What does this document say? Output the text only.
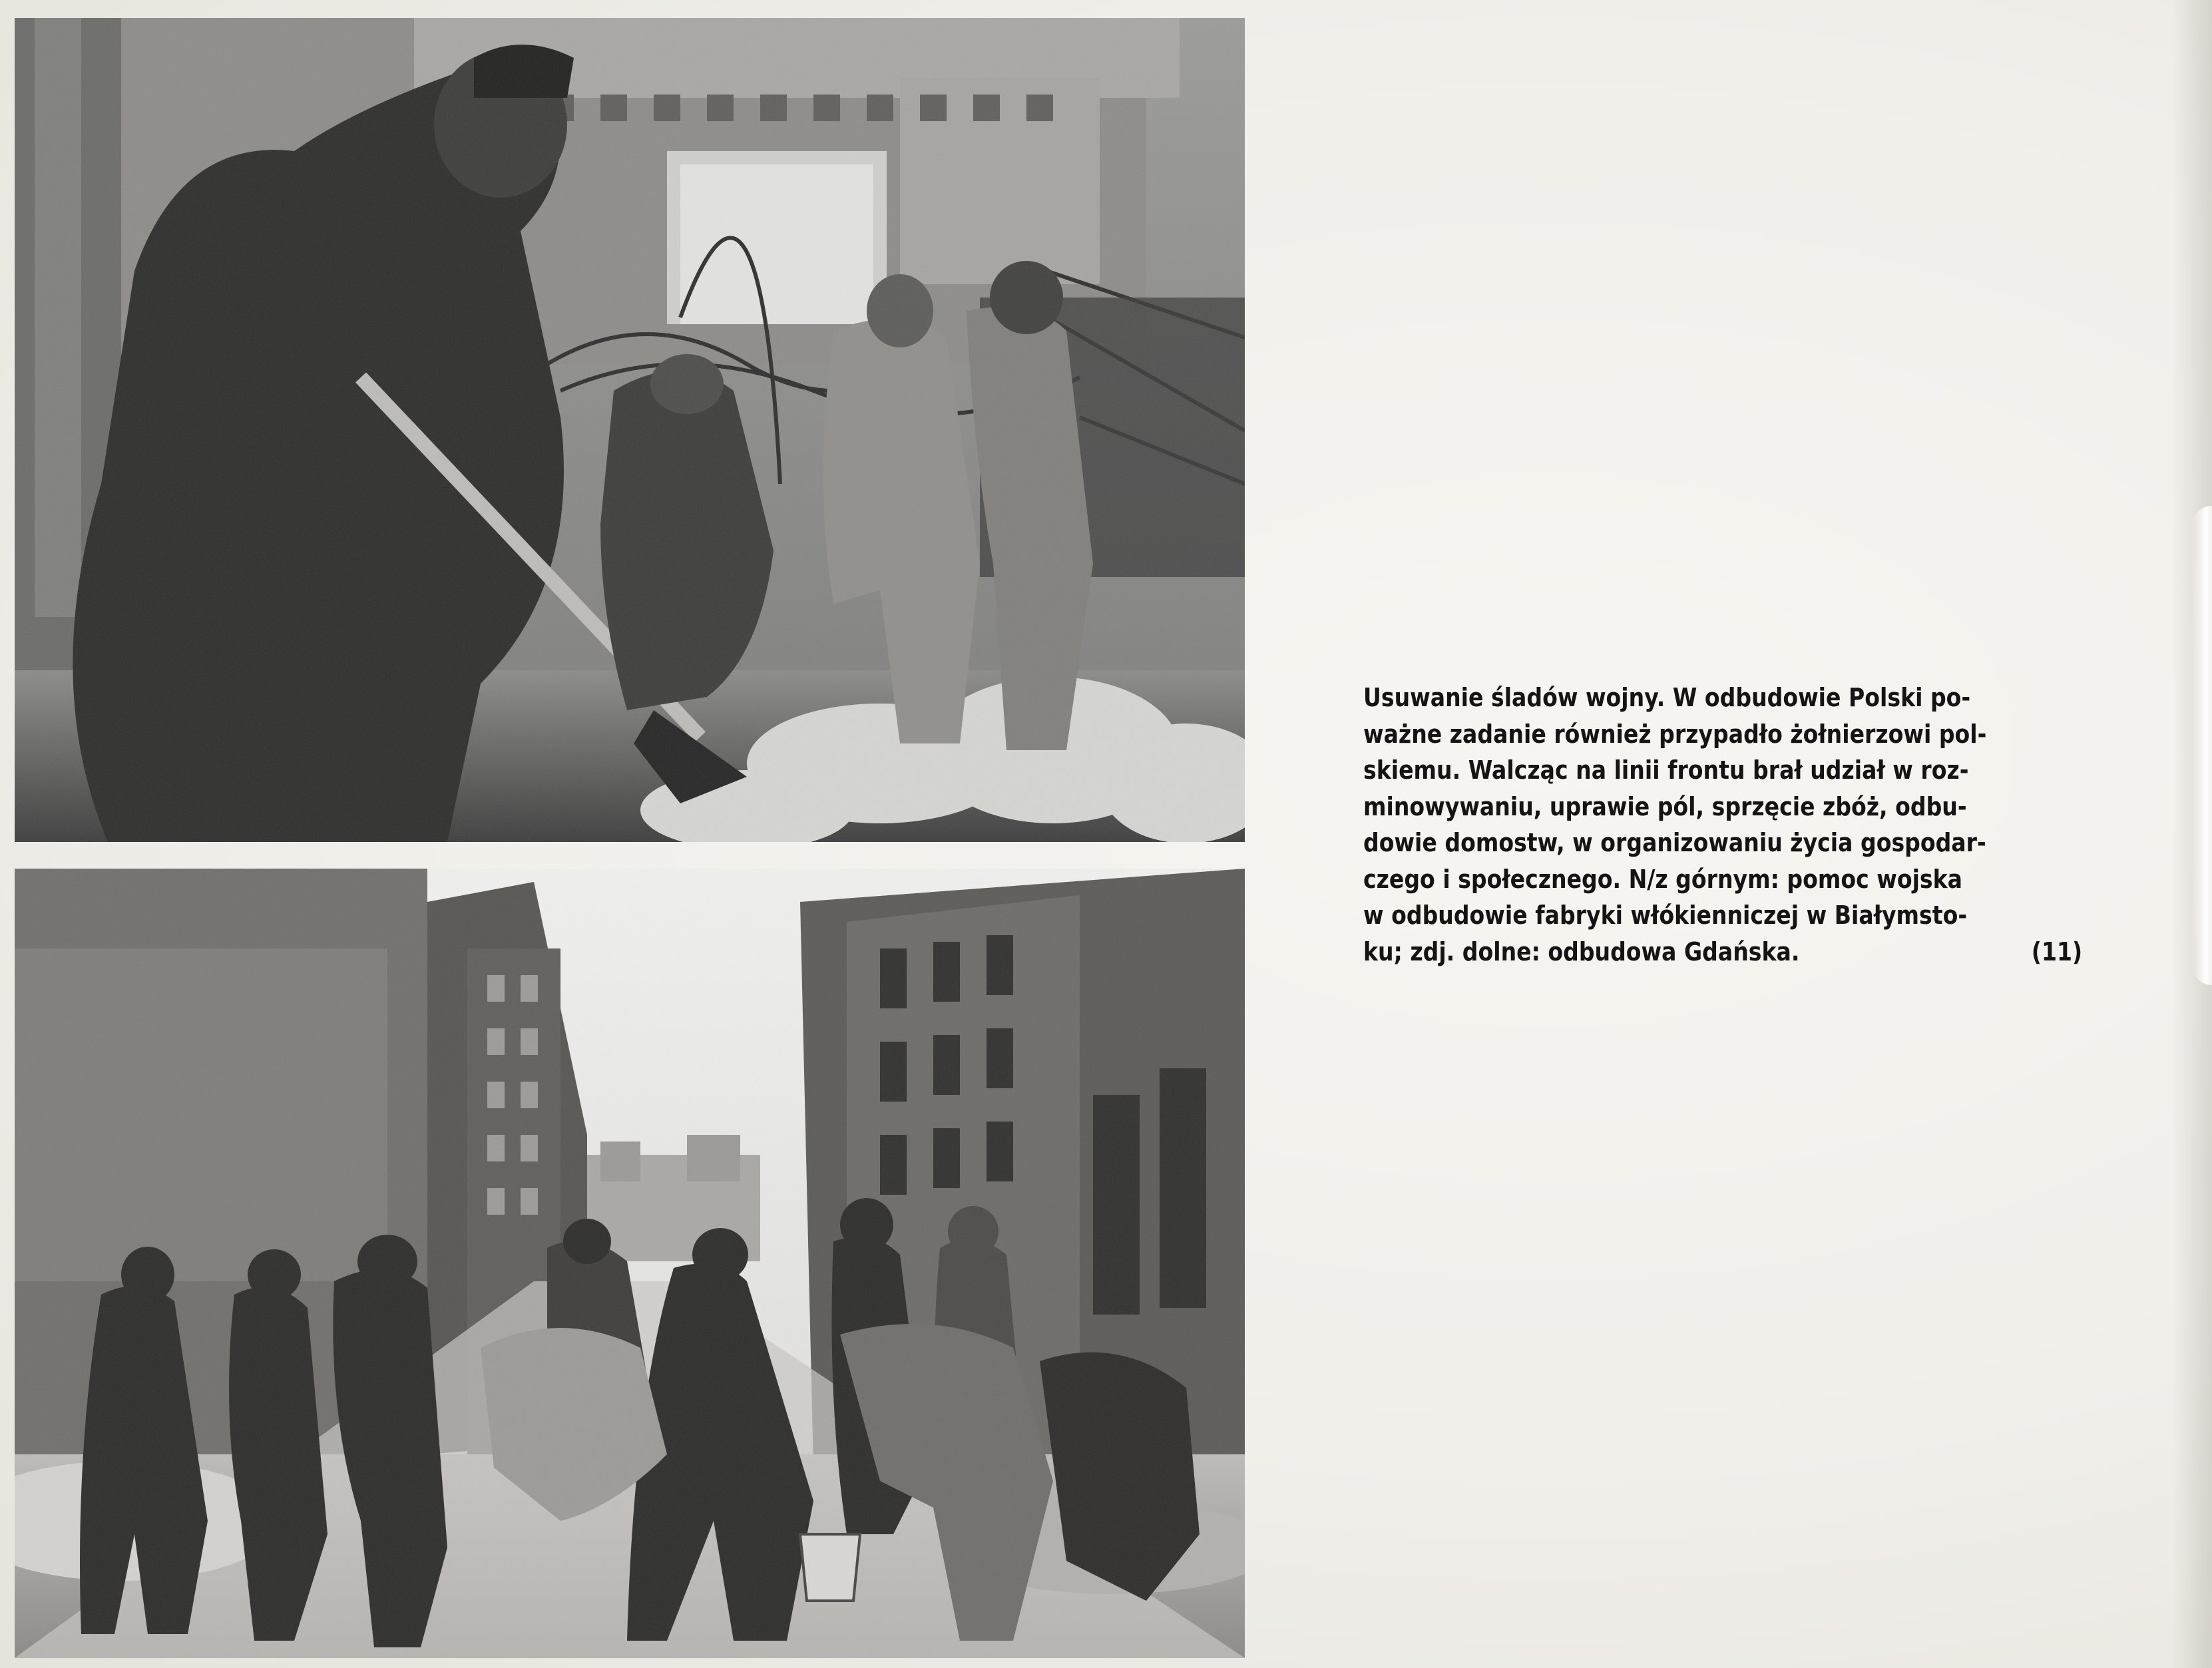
Usuwanie śladów wojny. W odbudowie Polski po-
ważne zadanie również przypadło żołnierzowi pol-
skiemu. Walcząc na linii frontu brał udział w roz-
minowywaniu, uprawie pól, sprzęcie zbóż, odbu-
dowie domostw, w organizowaniu życia gospodar-
czego i społecznego. N/z górnym: pomoc wojska
w odbudowie fabryki włókienniczej w Białymsto-
ku; zdj. dolne: odbudowa Gdańska.	(11)
